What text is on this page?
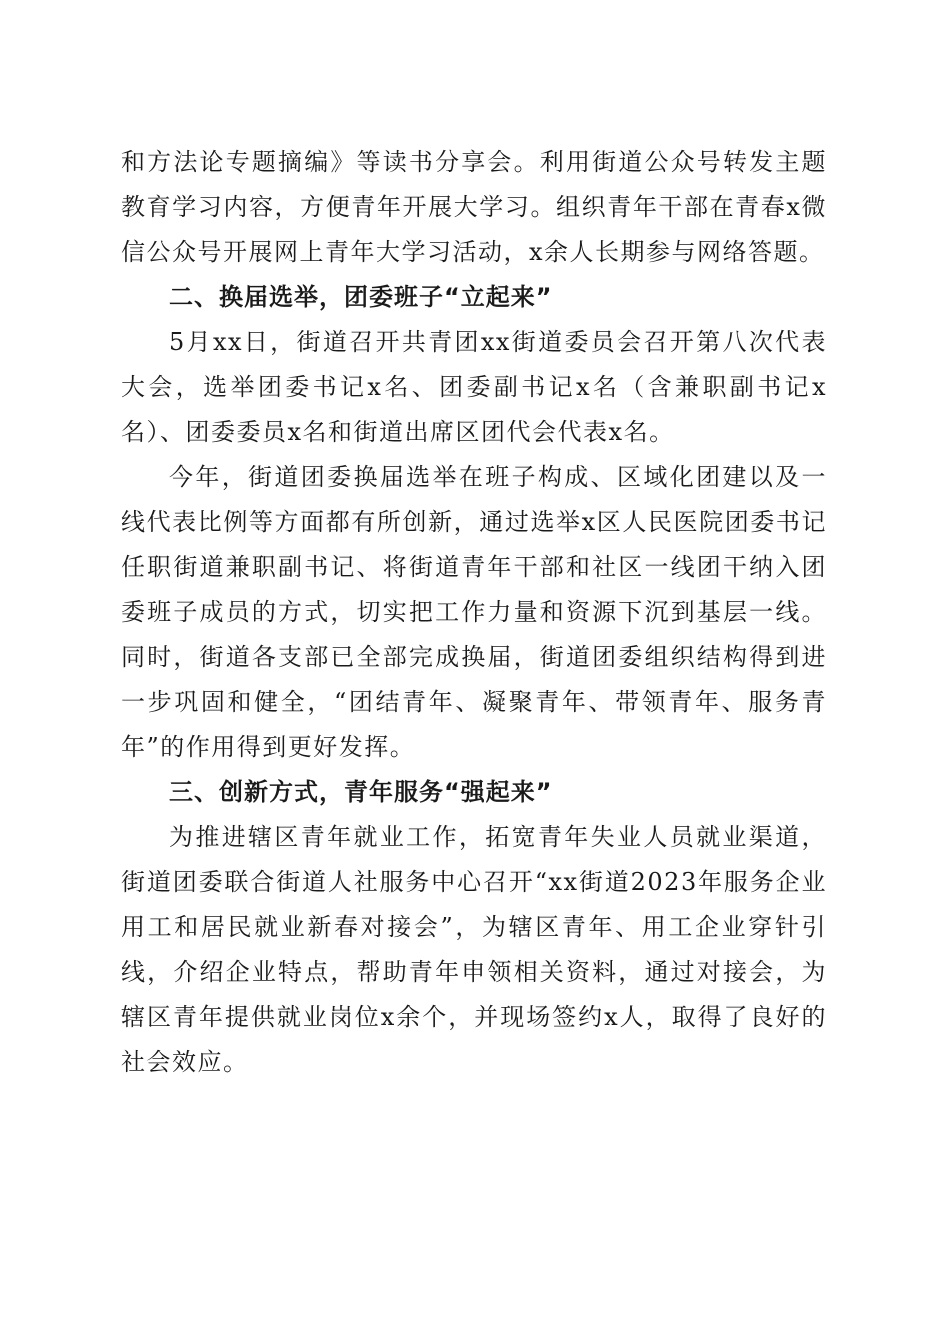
和方法论专题摘编》等读书分享会。利用街道公众号转发主题教育学习内容，方便青年开展大学习。组织青年干部在青春x微信公众号开展网上青年大学习活动，x余人长期参与网络答题。

二、换届选举，团委班子“立起来”

5月xx日，街道召开共青团xx街道委员会召开第八次代表大会，选举团委书记x名、团委副书记x名（含兼职副书记x名）、团委委员x名和街道出席区团代会代表x名。

今年，街道团委换届选举在班子构成、区域化团建以及一线代表比例等方面都有所创新，通过选举x区人民医院团委书记任职街道兼职副书记、将街道青年干部和社区一线团干纳入团委班子成员的方式，切实把工作力量和资源下沉到基层一线。同时，街道各支部已全部完成换届，街道团委组织结构得到进一步巩固和健全，“团结青年、凝聚青年、带领青年、服务青年”的作用得到更好发挥。

三、创新方式，青年服务“强起来”

为推进辖区青年就业工作，拓宽青年失业人员就业渠道，街道团委联合街道人社服务中心召开“xx街道2023年服务企业用工和居民就业新春对接会”，为辖区青年、用工企业穿针引线，介绍企业特点，帮助青年申领相关资料，通过对接会，为辖区青年提供就业岗位x余个，并现场签约x人，取得了良好的社会效应。
